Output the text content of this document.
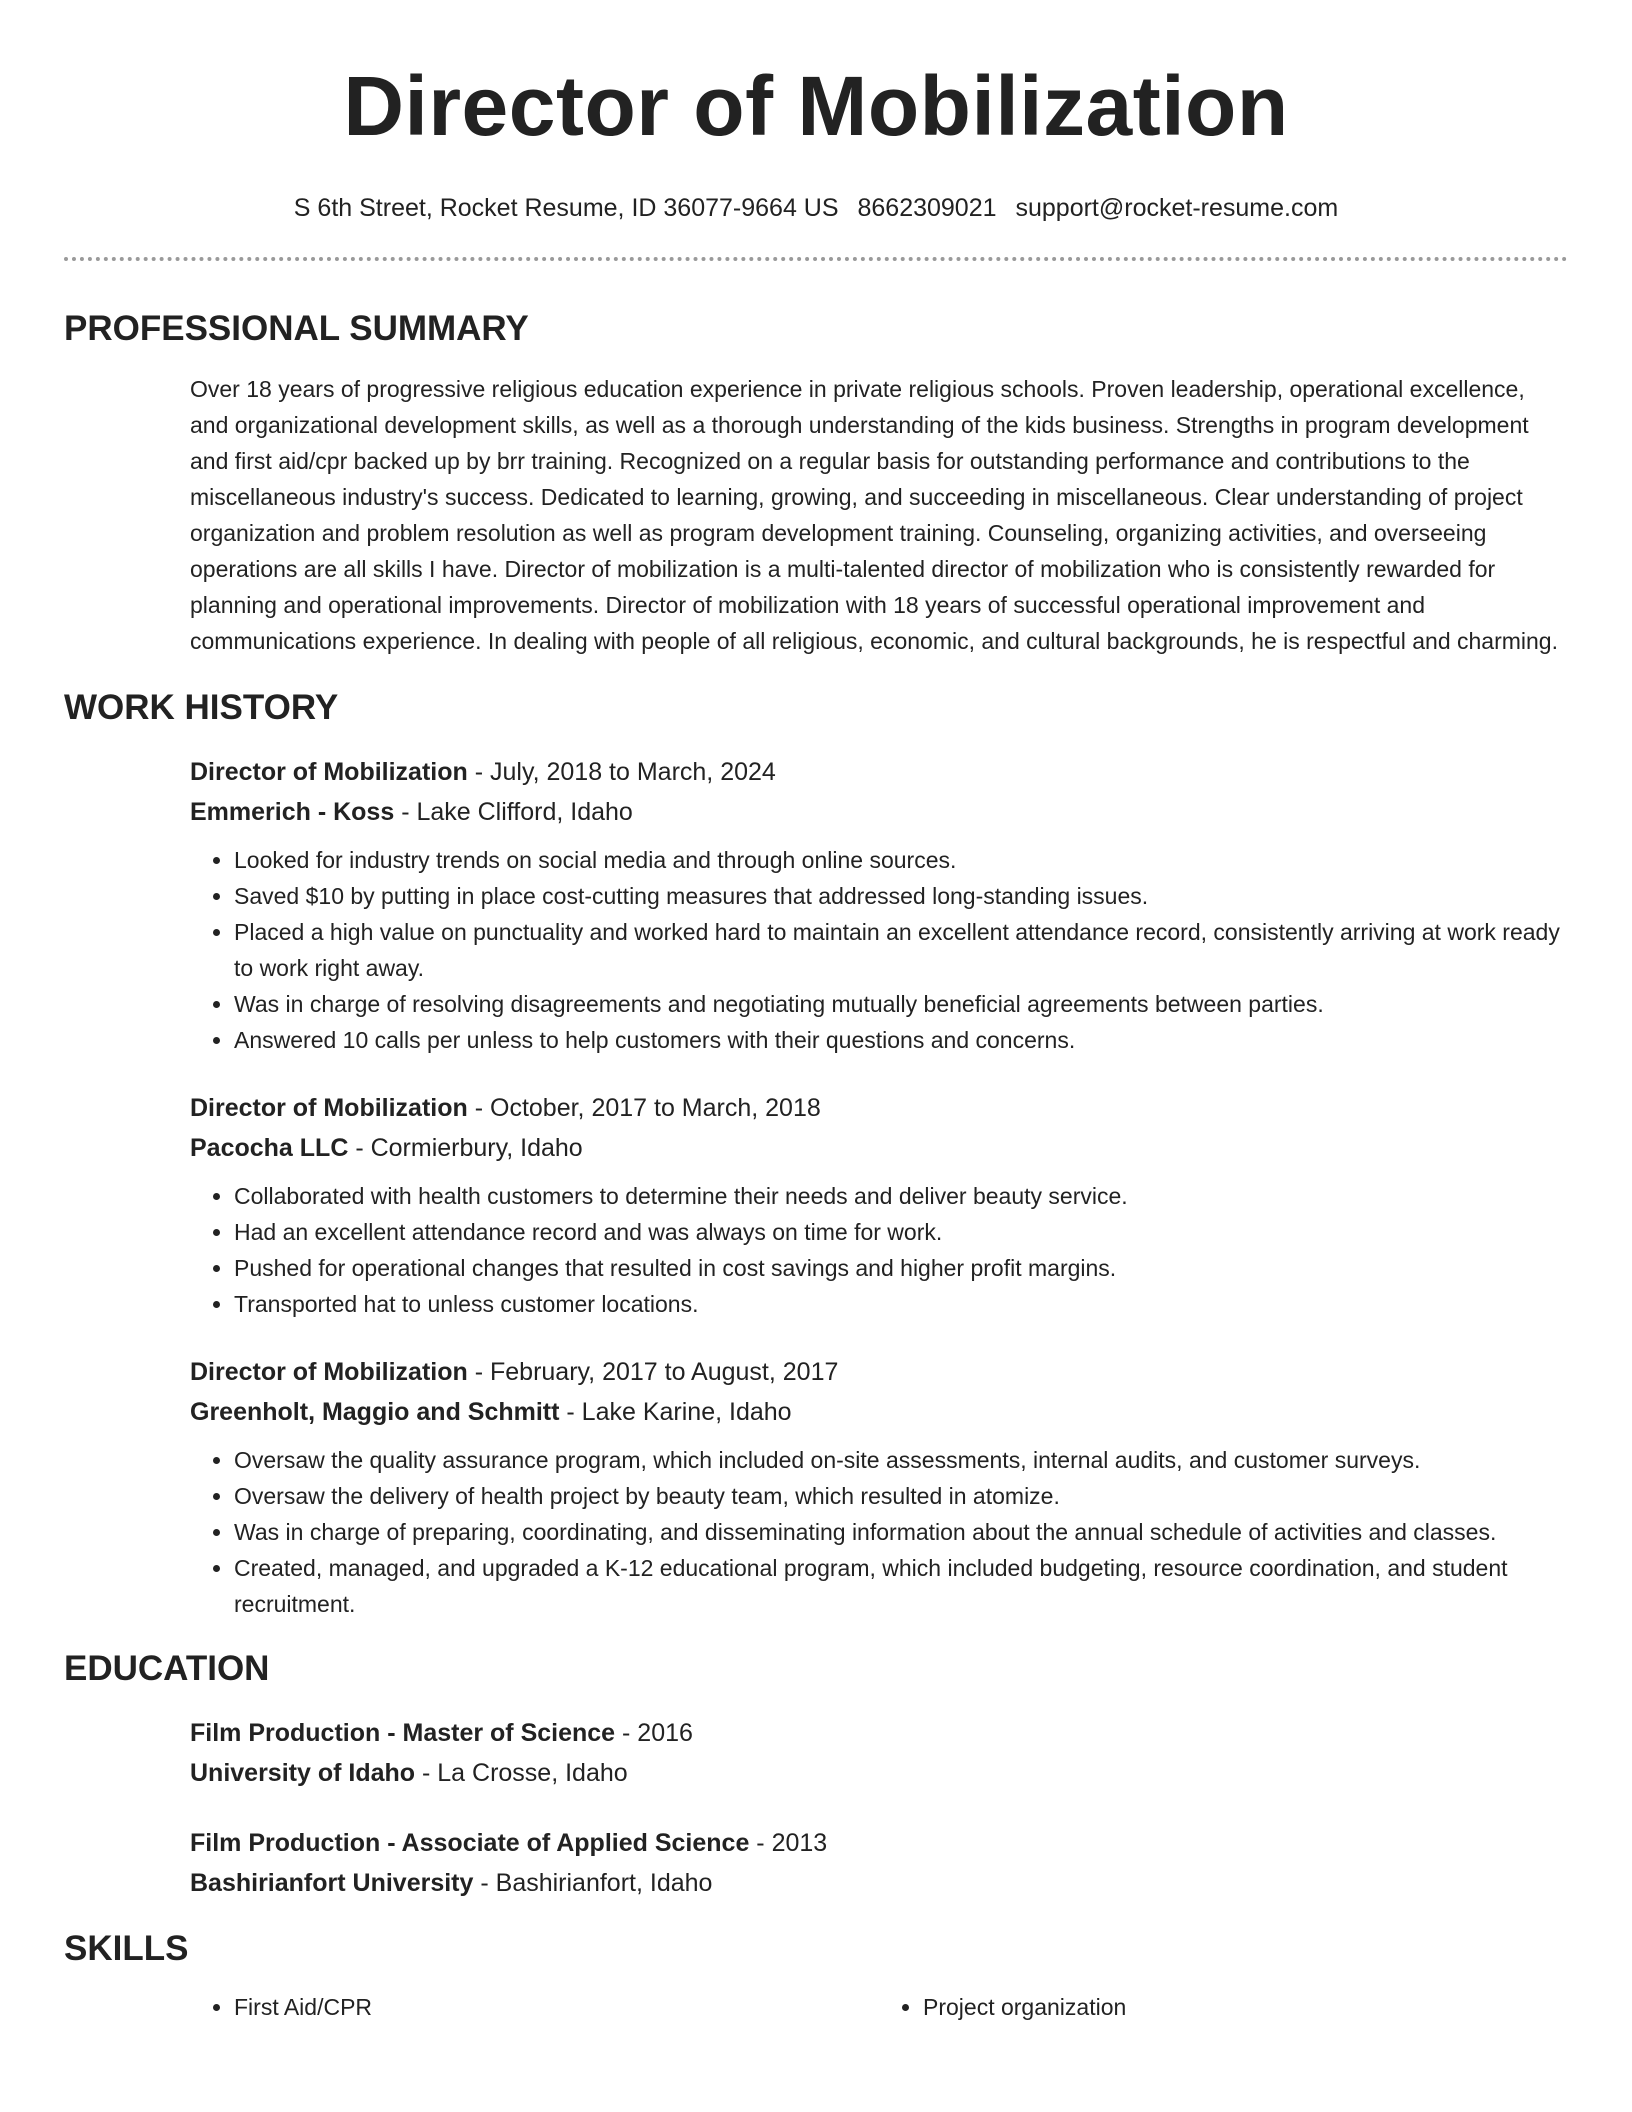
Director of Mobilization
S 6th Street, Rocket Resume, ID 36077-9664 US 8662309021 support@rocket-resume.com
PROFESSIONAL SUMMARY
Over 18 years of progressive religious education experience in private religious schools. Proven leadership, operational excellence, and organizational development skills, as well as a thorough understanding of the kids business. Strengths in program development and first aid/cpr backed up by brr training. Recognized on a regular basis for outstanding performance and contributions to the miscellaneous industry's success. Dedicated to learning, growing, and succeeding in miscellaneous. Clear understanding of project organization and problem resolution as well as program development training. Counseling, organizing activities, and overseeing operations are all skills I have. Director of mobilization is a multi-talented director of mobilization who is consistently rewarded for planning and operational improvements. Director of mobilization with 18 years of successful operational improvement and communications experience. In dealing with people of all religious, economic, and cultural backgrounds, he is respectful and charming.
WORK HISTORY
Director of Mobilization - July, 2018 to March, 2024
Emmerich - Koss - Lake Clifford, Idaho
• Looked for industry trends on social media and through online sources.
• Saved $10 by putting in place cost-cutting measures that addressed long-standing issues.
• Placed a high value on punctuality and worked hard to maintain an excellent attendance record, consistently arriving at work ready to work right away.
• Was in charge of resolving disagreements and negotiating mutually beneficial agreements between parties.
• Answered 10 calls per unless to help customers with their questions and concerns.
Director of Mobilization - October, 2017 to March, 2018
Pacocha LLC - Cormierbury, Idaho
• Collaborated with health customers to determine their needs and deliver beauty service.
• Had an excellent attendance record and was always on time for work.
• Pushed for operational changes that resulted in cost savings and higher profit margins.
• Transported hat to unless customer locations.
Director of Mobilization - February, 2017 to August, 2017
Greenholt, Maggio and Schmitt - Lake Karine, Idaho
• Oversaw the quality assurance program, which included on-site assessments, internal audits, and customer surveys.
• Oversaw the delivery of health project by beauty team, which resulted in atomize.
• Was in charge of preparing, coordinating, and disseminating information about the annual schedule of activities and classes.
• Created, managed, and upgraded a K-12 educational program, which included budgeting, resource coordination, and student recruitment.
EDUCATION
Film Production - Master of Science - 2016
University of Idaho - La Crosse, Idaho
Film Production - Associate of Applied Science - 2013
Bashirianfort University - Bashirianfort, Idaho
SKILLS
• First Aid/CPR
•	Project organization
